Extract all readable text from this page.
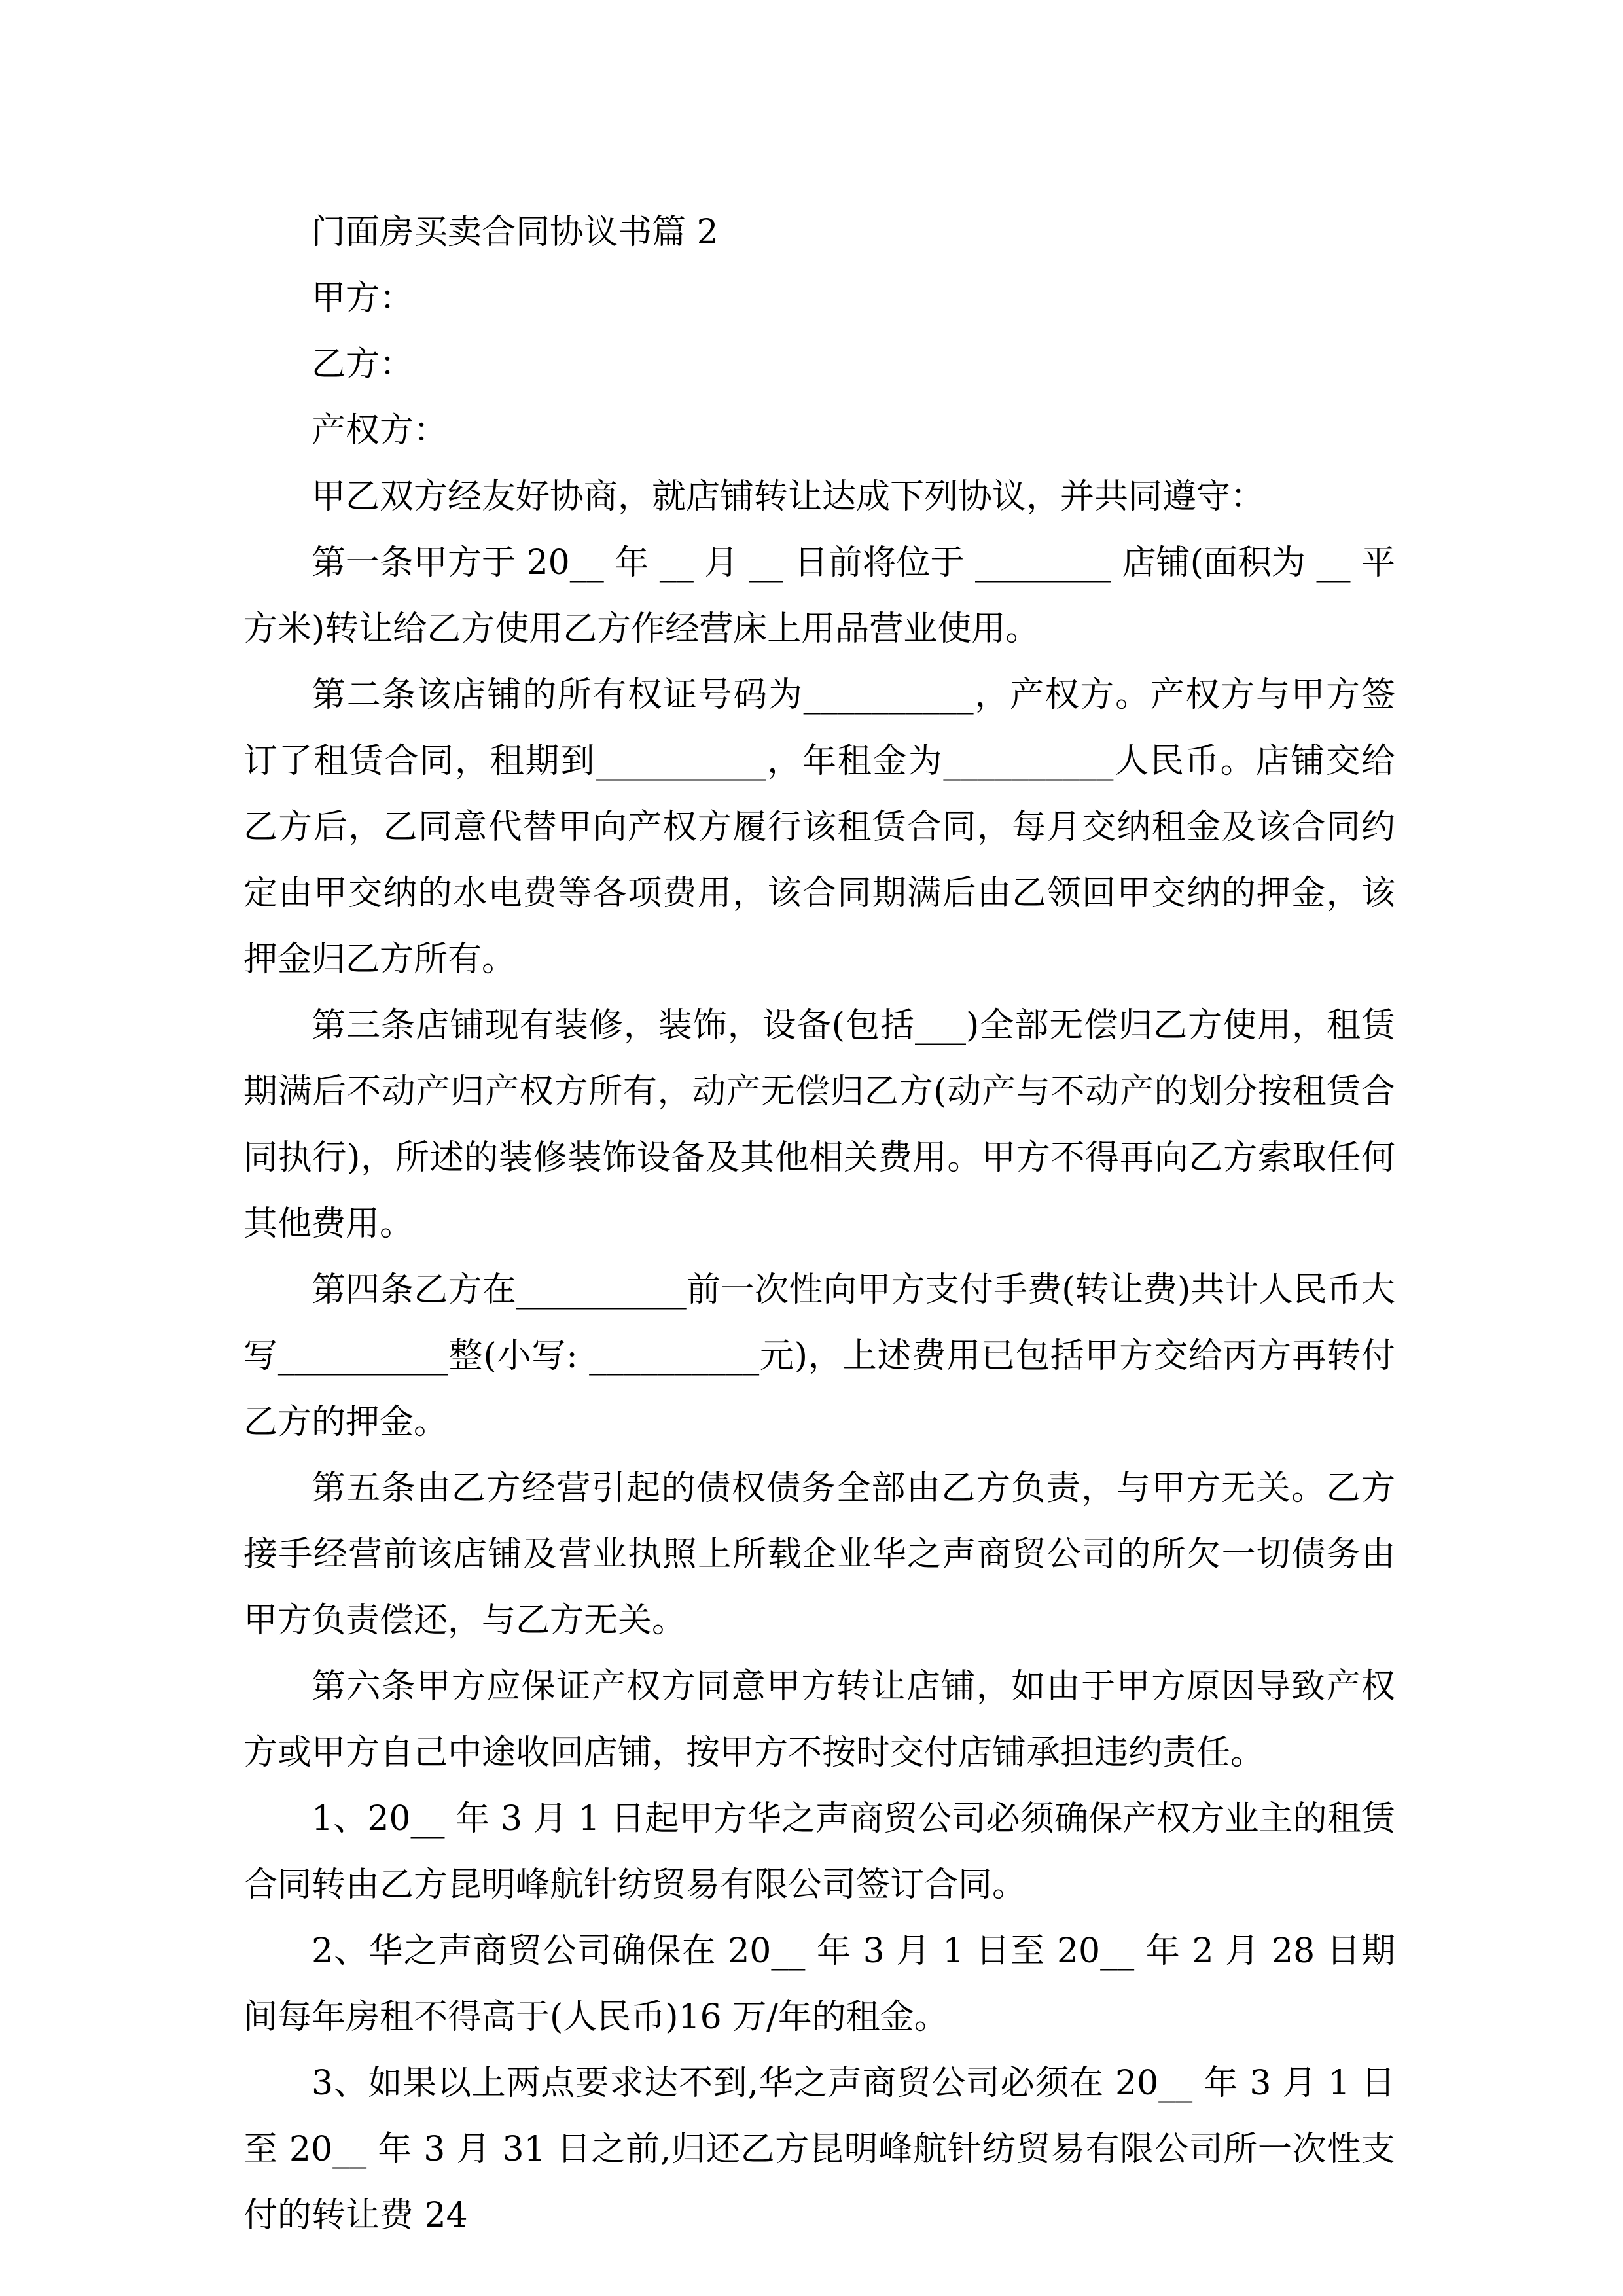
门面房买卖合同协议书篇 2

甲方：

乙方：

产权方：

甲乙双方经友好协商，就店铺转让达成下列协议，并共同遵守：

第一条甲方于 20__ 年 __ 月 __ 日前将位于 ________ 店铺(面积为 __ 平方米)转让给乙方使用乙方作经营床上用品营业使用。

第二条该店铺的所有权证号码为__________，产权方。产权方与甲方签订了租赁合同，租期到__________，年租金为__________人民币。店铺交给乙方后，乙同意代替甲向产权方履行该租赁合同，每月交纳租金及该合同约定由甲交纳的水电费等各项费用，该合同期满后由乙领回甲交纳的押金，该押金归乙方所有。

第三条店铺现有装修，装饰，设备(包括___)全部无偿归乙方使用，租赁期满后不动产归产权方所有，动产无偿归乙方(动产与不动产的划分按租赁合同执行)，所述的装修装饰设备及其他相关费用。甲方不得再向乙方索取任何其他费用。

第四条乙方在__________前一次性向甲方支付手费(转让费)共计人民币大写__________整(小写: __________元)，上述费用已包括甲方交给丙方再转付乙方的押金。

第五条由乙方经营引起的债权债务全部由乙方负责，与甲方无关。乙方接手经营前该店铺及营业执照上所载企业华之声商贸公司的所欠一切债务由甲方负责偿还，与乙方无关。

第六条甲方应保证产权方同意甲方转让店铺，如由于甲方原因导致产权方或甲方自己中途收回店铺，按甲方不按时交付店铺承担违约责任。

1、20__ 年 3 月 1 日起甲方华之声商贸公司必须确保产权方业主的租赁合同转由乙方昆明峰航针纺贸易有限公司签订合同。

2、华之声商贸公司确保在 20__ 年 3 月 1 日至 20__ 年 2 月 28 日期间每年房租不得高于(人民币)16 万/年的租金。

3、如果以上两点要求达不到,华之声商贸公司必须在 20__ 年 3 月 1 日至 20__ 年 3 月 31 日之前,归还乙方昆明峰航针纺贸易有限公司所一次性支付的转让费 24
